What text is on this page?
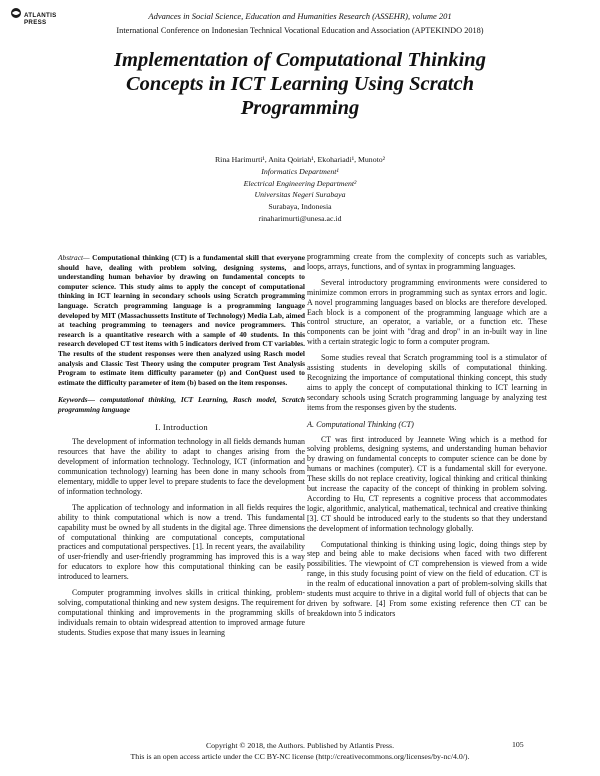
ATLANTIS
PRESS
Advances in Social Science, Education and Humanities Research (ASSEHR), volume 201
International Conference on Indonesian Technical Vocational Education and Association (APTEKINDO 2018)
Implementation of Computational Thinking
Concepts in ICT Learning Using Scratch
Programming
Rina Harimurti¹, Anita Qoiriah¹, Ekohariadi¹, Munoto²
Informatics Department¹
Electrical Engineering Department²
Universitas Negeri Surabaya
Surabaya, Indonesia
rinaharimurti@unesa.ac.id
Abstract— Computational thinking (CT) is a fundamental skill that everyone should have, dealing with problem solving, designing systems, and understanding human behavior by drawing on fundamental concepts to computer science. This study aims to apply the concept of computational thinking in ICT learning in secondary schools using Scratch programming language. Scratch programming language is a programming language developed by MIT (Massachussetts Institute of Technology) Media Lab, aimed at teaching programming to teenagers and novice programmers. This research is a quantitative research with a sample of 40 students. In this research developed CT test items with 5 indicators derived from CT variables. The results of the student responses were then analyzed using Rasch model analysis and Classic Test Theory using the computer program Test Analysis Program to estimate item difficulty parameter (p) and ConQuest used to estimate the difficulty parameter of item (b) based on the item responses.
Keywords— computational thinking, ICT Learning, Rasch model, Scratch programming language
I. Introduction

The development of information technology in all fields demands human resources that have the ability to adapt to changes arising from the development of information technology. Technology, ICT (information and communication technology) learning has been done in many schools from elementary, middle to upper level to prepare students to face the development of information technology.

The application of technology and information in all fields requires the ability to think computational which is now a trend. This fundamental capability must be owned by all students in the digital age. Three dimensions of computational thinking are computational concepts, computational practices and computational perspectives. [1]. In recent years, the availability of user-friendly and user-friendly programming has improved this is a way for educators to explore how this computational thinking can be easily introduced to learners.

Computer programming involves skills in critical thinking, problem-solving, computational thinking and new system designs. The requirement for computational thinking and improvements in the programming skills of individuals remain to obtain widespread attention to improved armage future students. Studies expose that many issues in learning

programming create from the complexity of concepts such as variables, loops, arrays, functions, and of syntax in programming languages.

Several introductory programming environments were considered to minimize common errors in programming such as syntax errors and logic. A novel programming languages based on blocks are therefore developed. Each block is a component of the programming language which are a control structure, an operator, a variable, or a function etc. These components can be joint with "drag and drop" in an in-built way in line with a certain strategic logic to form a computer program.

Some studies reveal that Scratch programming tool is a stimulator of assisting students in developing skills of computational thinking. Recognizing the importance of computational thinking concept, this study aims to apply the concept of computational thinking to ICT learning in secondary schools using Scratch programming language by analyzing test items from the responses given by the students.

A. Computational Thinking (CT)

CT was first introduced by Jeannete Wing which is a method for solving problems, designing systems, and understanding human behavior by drawing on fundamental concepts to computer science can be done by humans or machines (computer). CT is a fundamental skill for everyone. These skills do not replace creativity, logical thinking and critical thinking but increase the capacity of the concept of thinking in problem solving. According to Hu, CT represents a cognitive process that accommodates logic, algorithmic, analytical, mathematical, technical and creative thinking [3]. CT should be introduced early to the students so that they understand the development of information technology globally.

Computational thinking is thinking using logic, doing things step by step and being able to make decisions when faced with two different possibilities. The viewpoint of CT comprehension is viewed from a wide range, in this study focusing point of view on the field of education. CT is in the realm of educational innovation a part of problem-solving skills that students must acquire to thrive in a digital world full of objects that can be driven by software. [4] From some existing reference then CT can be breakdown into 5 indicators

Copyright © 2018, the Authors. Published by Atlantis Press.
This is an open access article under the CC BY-NC license (http://creativecommons.org/licenses/by-nc/4.0/).
105
